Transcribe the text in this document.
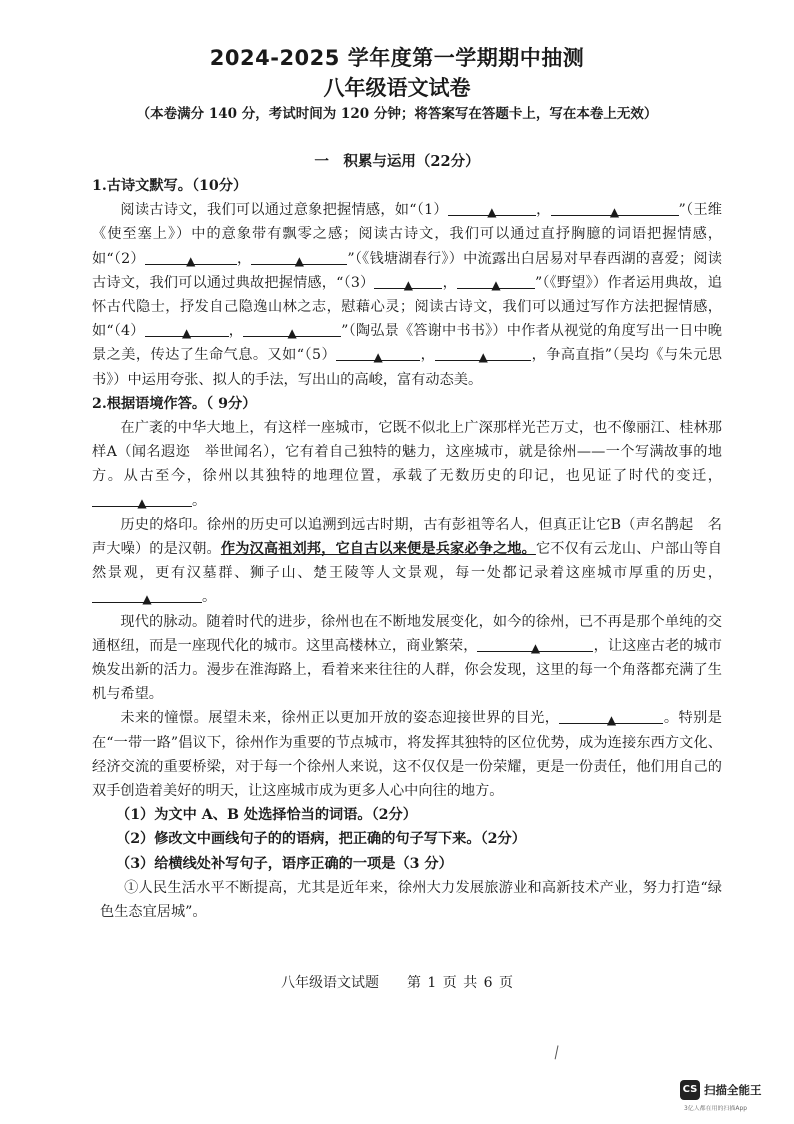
2024-2025 学年度第一学期期中抽测
八年级语文试卷
（本卷满分 140 分，考试时间为 120 分钟；将答案写在答题卡上，写在本卷上无效）
一　积累与运用（22分）

1.古诗文默写。（10分）

阅读古诗文，我们可以通过意象把握情感，如“（1）	▲	，	▲	”（王维《使至塞上》）中的意象带有飘零之感；阅读古诗文，我们可以通过直抒胸臆的词语把握情感，如“（2）	▲	，	▲	”（《钱塘湖春行》）中流露出白居易对早春西湖的喜爱；阅读古诗文，我们可以通过典故把握情感，“（3） ▲ ，	▲ ”（《野望》）作者运用典故，追怀古代隐士，抒发自己隐逸山林之志，慰藉心灵；阅读古诗文，我们可以通过写作方法把握情感，如“（4）	▲	，	▲	”（陶弘景《答谢中书书》）中作者从视觉的角度写出一日中晚景之美，传达了生命气息。又如“（5）	▲	，	▲	，争高直指”（吴均《与朱元思书》）中运用夸张、拟人的手法，写出山的高峻，富有动态美。

2.根据语境作答。（ 9分）

在广袤的中华大地上，有这样一座城市，它既不似北上广深那样光芒万丈，也不像丽江、桂林那样A（闻名遐迩　举世闻名），它有着自己独特的魅力，这座城市，就是徐州——一个写满故事的地方。从古至今，徐州以其独特的地理位置，承载了无数历史的印记，也见证了时代的变迁，▲	。

历史的烙印。徐州的历史可以追溯到远古时期，古有彭祖等名人，但真正让它B（声名鹊起　名声大噪）的是汉朝。作为汉高祖刘邦，它自古以来便是兵家必争之地。它不仅有云龙山、户部山等自然景观，更有汉墓群、狮子山、楚王陵等人文景观，每一处都记录着这座城市厚重的历史，▲	。

现代的脉动。随着时代的进步，徐州也在不断地发展变化，如今的徐州，已不再是那个单纯的交通枢纽，而是一座现代化的城市。这里高楼林立，商业繁荣，	▲	，让这座古老的城市焕发出新的活力。漫步在淮海路上，看着来来往往的人群，你会发现，这里的每一个角落都充满了生机与希望。

未来的憧憬。展望未来，徐州正以更加开放的姿态迎接世界的目光，	▲	。特别是在“一带一路”倡议下，徐州作为重要的节点城市，将发挥其独特的区位优势，成为连接东西方文化、经济交流的重要桥梁，对于每一个徐州人来说，这不仅仅是一份荣耀，更是一份责任，他们用自己的双手创造着美好的明天，让这座城市成为更多人心中向往的地方。

（1）为文中 A、B 处选择恰当的词语。（2分）

（2）修改文中画线句子的的语病，把正确的句子写下来。（2分）

（3）给横线处补写句子，语序正确的一项是（3 分）

①人民生活水平不断提高，尤其是近年来，徐州大力发展旅游业和高新技术产业，努力打造“绿色生态宜居城”。

八年级语文试题　　第 1 页 共 6 页
CS 扫描全能王
3亿人都在用的扫描App
